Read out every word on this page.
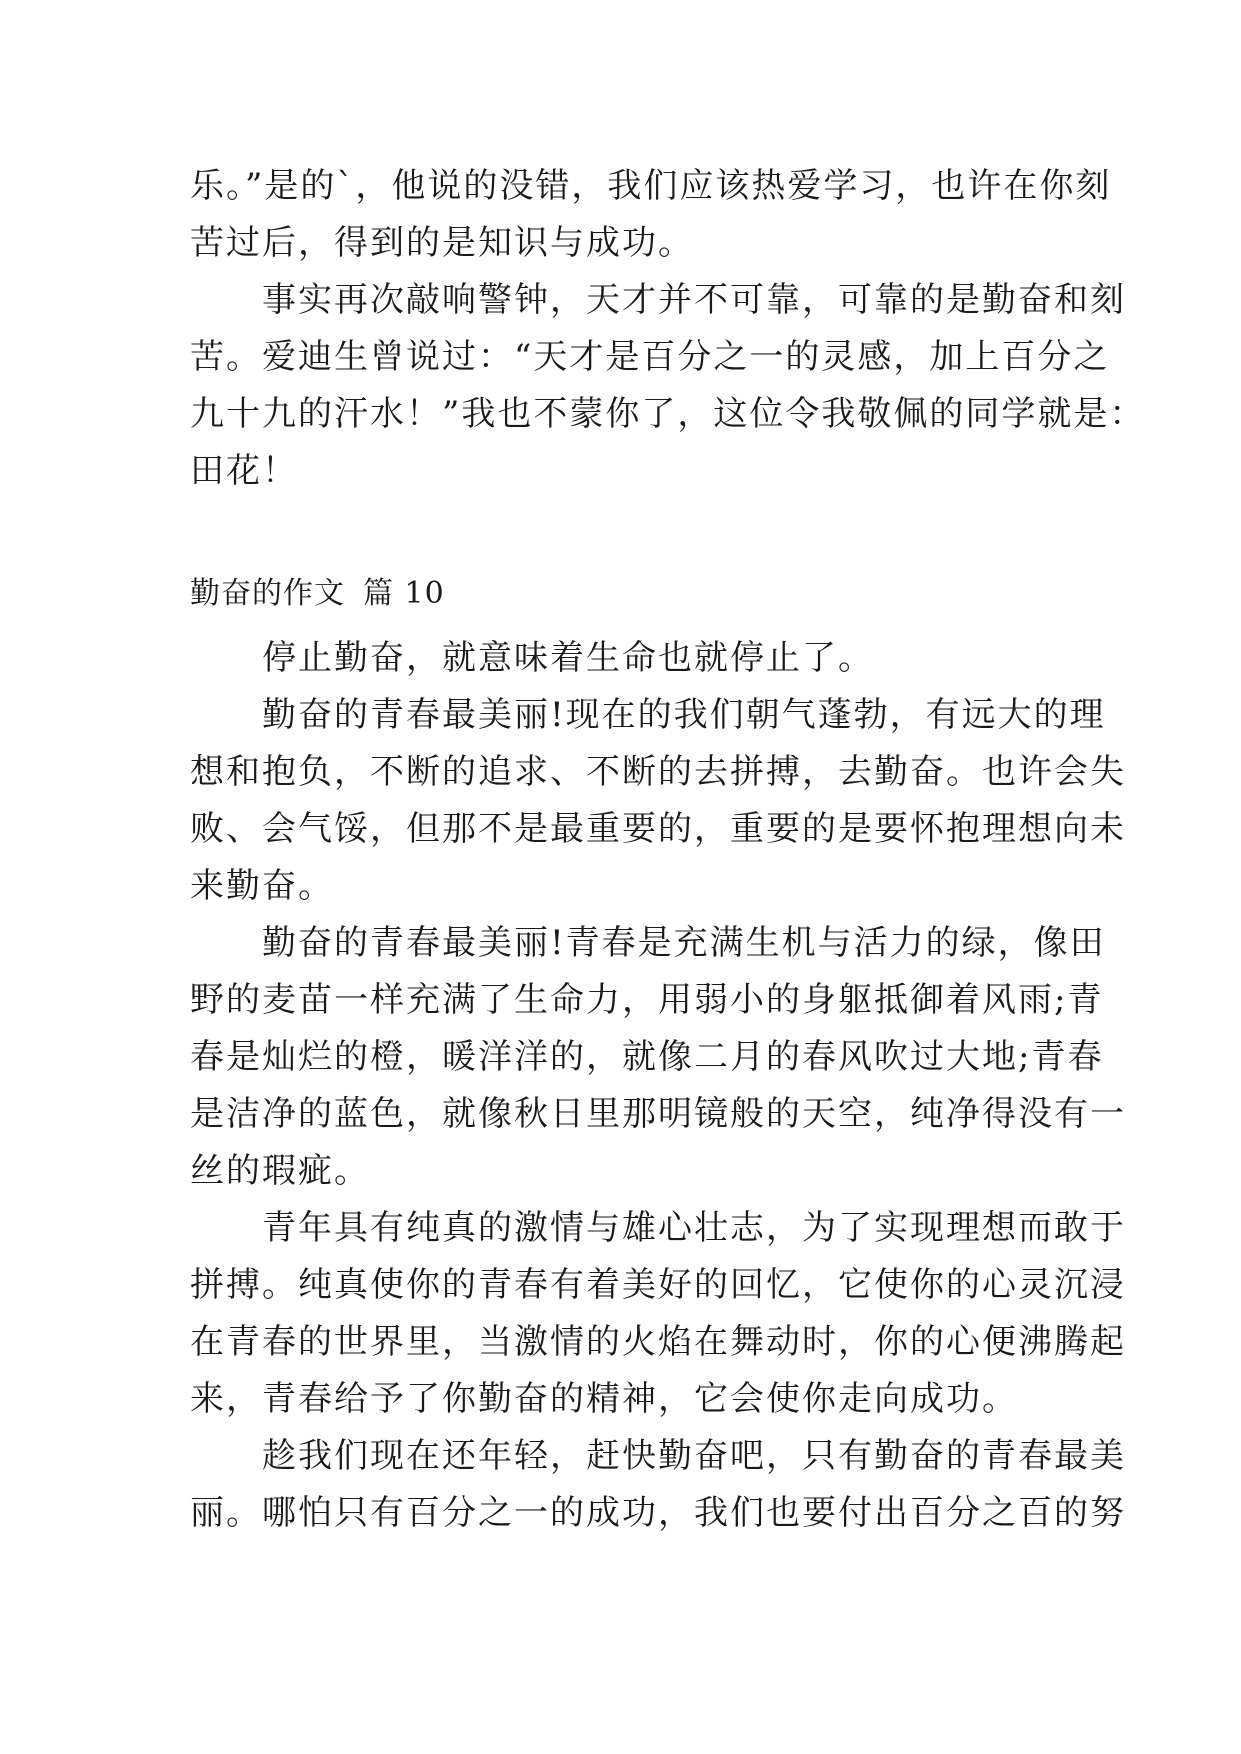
乐。”是的`，他说的没错，我们应该热爱学习，也许在你刻
苦过后，得到的是知识与成功。
　　事实再次敲响警钟，天才并不可靠，可靠的是勤奋和刻
苦。爱迪生曾说过：“天才是百分之一的灵感，加上百分之
九十九的汗水！”我也不蒙你了，这位令我敬佩的同学就是：
田花！
勤奋的作文 篇 10
　　停止勤奋，就意味着生命也就停止了。
　　勤奋的青春最美丽!现在的我们朝气蓬勃，有远大的理
想和抱负，不断的追求、不断的去拼搏，去勤奋。也许会失
败、会气馁，但那不是最重要的，重要的是要怀抱理想向未
来勤奋。
　　勤奋的青春最美丽!青春是充满生机与活力的绿，像田
野的麦苗一样充满了生命力，用弱小的身躯抵御着风雨;青
春是灿烂的橙，暖洋洋的，就像二月的春风吹过大地;青春
是洁净的蓝色，就像秋日里那明镜般的天空，纯净得没有一
丝的瑕疵。
　　青年具有纯真的激情与雄心壮志，为了实现理想而敢于
拼搏。纯真使你的青春有着美好的回忆，它使你的心灵沉浸
在青春的世界里，当激情的火焰在舞动时，你的心便沸腾起
来，青春给予了你勤奋的精神，它会使你走向成功。
　　趁我们现在还年轻，赶快勤奋吧，只有勤奋的青春最美
丽。哪怕只有百分之一的成功，我们也要付出百分之百的努
